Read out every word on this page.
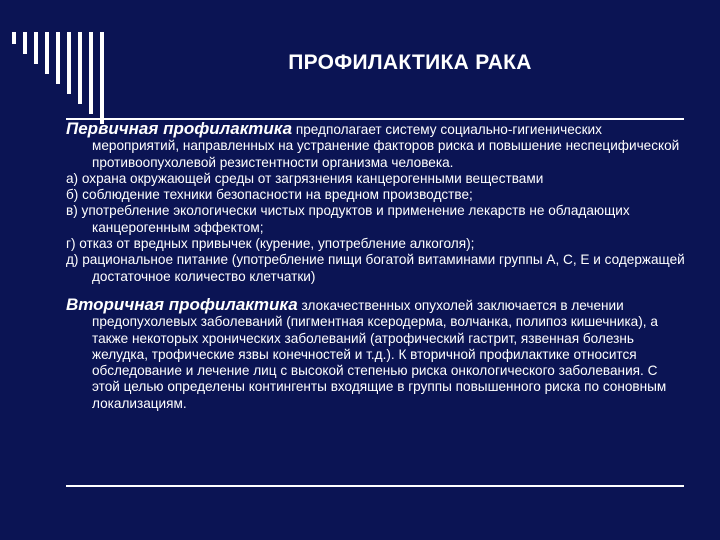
ПРОФИЛАКТИКА РАКА

Первичная профилактика предполагает систему социально-гигиенических мероприятий, направленных на устранение факторов риска и повышение неспецифической противоопухолевой резистентности организма человека.

а) охрана окружающей среды от загрязнения канцерогенными веществами

б) соблюдение техники безопасности на вредном производстве;

в) употребление экологически чистых продуктов и применение лекарств не обладающих канцерогенным эффектом;

г) отказ от вредных привычек (курение, употребление алкоголя);

д) рациональное питание (употребление пищи богатой витаминами группы А, С, Е и содержащей достаточное количество клетчатки)

Вторичная профилактика злокачественных опухолей заключается в лечении предопухолевых заболеваний (пигментная ксеродерма, волчанка, полипоз кишечника), а также некоторых хронических заболеваний (атрофический гастрит, язвенная болезнь желудка, трофические язвы конечностей и т.д.). К вторичной профилактике относится обследование и лечение лиц с высокой степенью риска онкологического заболевания. С этой целью определены контингенты входящие в группы повышенного риска по соновным локализациям.
